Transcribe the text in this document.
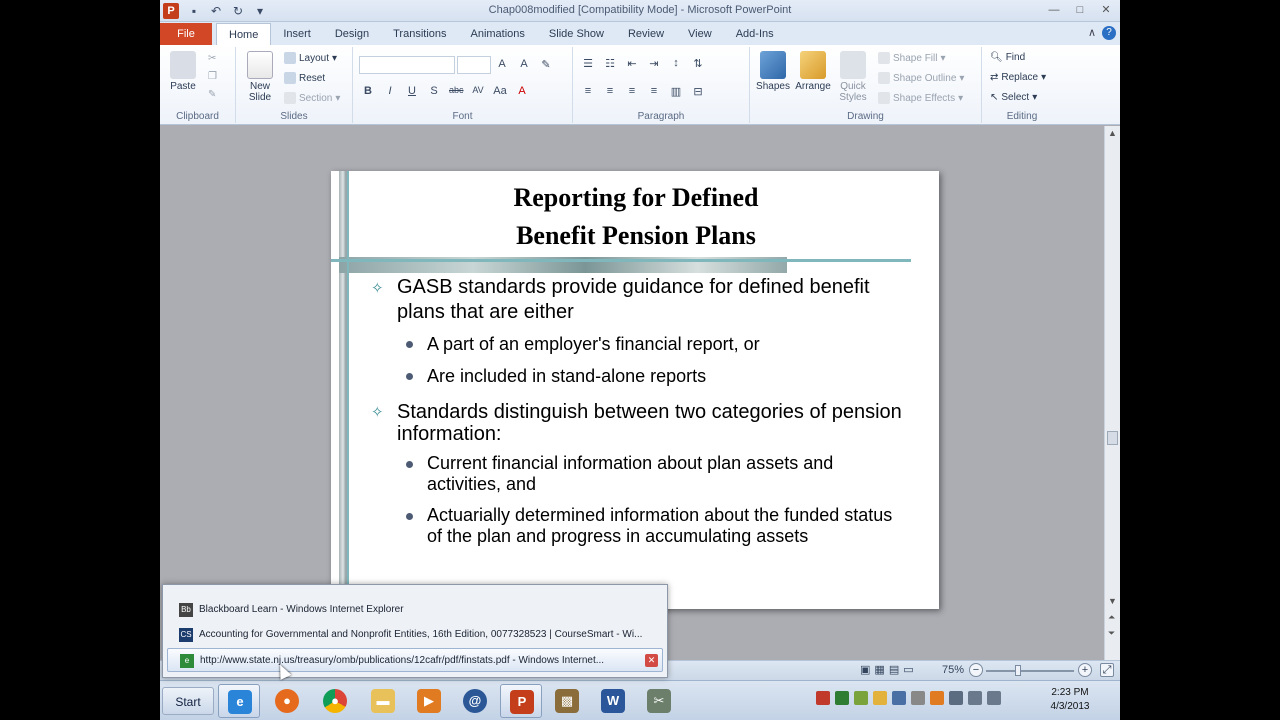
P	▪	↶ ↻	▾	Chap008modified [Compatibility Mode] - Microsoft PowerPoint	—	□	✕
File	Home	Insert	Design	Transitions	Animations	Slide Show	Review	View	Add-Ins	∧	?
Paste
✂
❐
✎
Clipboard
New Slide
Layout ▾
Reset
Section ▾
Slides
A	A	✎
B	I	U	S	abc AV Aa	A
Font
☰ ☷ ⇤ ⇥	↕	⇅
≡	≡	≡	≡	▥ ⊟
Paragraph
Shapes Arrange Quick Styles
Shape Fill ▾
Shape Outline ▾
Shape Effects ▾
Drawing
🔍︎ Find
⇄ Replace ▾
↖ Select ▾
Editing
Reporting for Defined
Benefit Pension Plans
✧ GASB standards provide guidance for defined benefit plans that are either
A part of an employer's financial report, or
Are included in stand-alone reports
✧ Standards distinguish between two categories of pension information:
Current financial information about plan assets and activities, and
Actuarially determined information about the funded status of the plan and progress in accumulating assets
▲
▼
⏶
⏷
▣ ▦ ▤ ▭	75% −	+	⤢
Start	e	●	●	▬	▶	@	P	▩	W	✂
2:23 PM
4/3/2013
Bb Blackboard Learn - Windows Internet Explorer
CS Accounting for Governmental and Nonprofit Entities, 16th Edition, 0077328523 | CourseSmart - Wi...
e	http://www.state.nj.us/treasury/omb/publications/12cafr/pdf/finstats.pdf - Windows Internet...	✕
